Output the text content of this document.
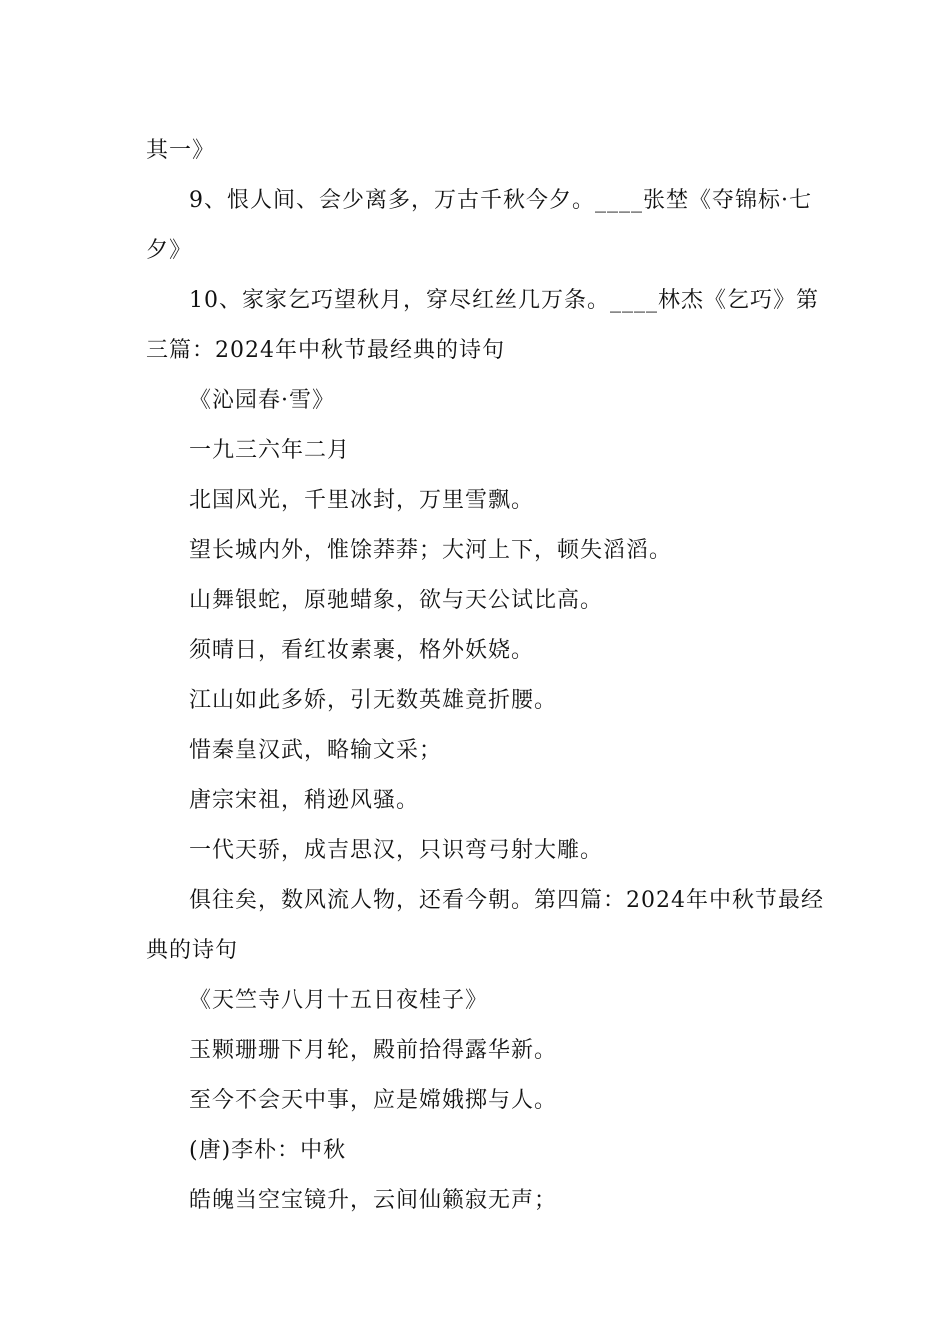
其一》
9、恨人间、会少离多，万古千秋今夕。____张埜《夺锦标·七
夕》
10、家家乞巧望秋月，穿尽红丝几万条。____林杰《乞巧》第
三篇：2024年中秋节最经典的诗句
《沁园春·雪》
一九三六年二月
北国风光，千里冰封，万里雪飘。
望长城内外，惟馀莽莽；大河上下，顿失滔滔。
山舞银蛇，原驰蜡象，欲与天公试比高。
须晴日，看红妆素裹，格外妖娆。
江山如此多娇，引无数英雄竟折腰。
惜秦皇汉武，略输文采；
唐宗宋祖，稍逊风骚。
一代天骄，成吉思汉，只识弯弓射大雕。
俱往矣，数风流人物，还看今朝。第四篇：2024年中秋节最经
典的诗句
《天竺寺八月十五日夜桂子》
玉颗珊珊下月轮，殿前拾得露华新。
至今不会天中事，应是嫦娥掷与人。
(唐)李朴：中秋
皓魄当空宝镜升，云间仙籁寂无声；
